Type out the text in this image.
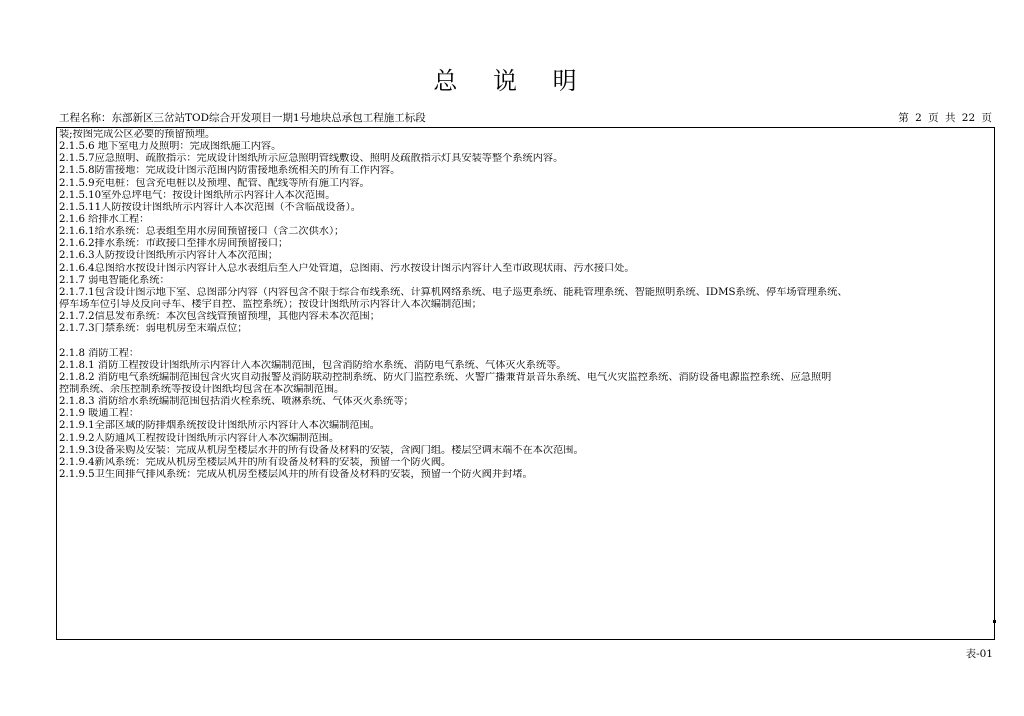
总 说 明
工程名称：东部新区三岔站TOD综合开发项目一期1号地块总承包工程施工标段	第 2 页 共 22 页
装;按图完成公区必要的预留预埋。
2.1.5.6 地下室电力及照明：完成图纸施工内容。
2.1.5.7应急照明、疏散指示：完成设计图纸所示应急照明管线敷设、照明及疏散指示灯具安装等整个系统内容。
2.1.5.8防雷接地：完成设计图示范围内防雷接地系统相关的所有工作内容。
2.1.5.9充电桩：包含充电桩以及预埋、配管、配线等所有施工内容。
2.1.5.10室外总坪电气：按设计图纸所示内容计入本次范围。
2.1.5.11人防按设计图纸所示内容计入本次范围（不含临战设备）。
2.1.6 给排水工程：
2.1.6.1给水系统：总表组至用水房间预留接口（含二次供水）；
2.1.6.2排水系统：市政接口至排水房间预留接口；
2.1.6.3人防按设计图纸所示内容计入本次范围；
2.1.6.4总图给水按设计图示内容计入总水表组后至入户处管道，总图雨、污水按设计图示内容计入至市政现状雨、污水接口处。
2.1.7 弱电智能化系统：
2.1.7.1包含设计图示地下室、总图部分内容（内容包含不限于综合布线系统、计算机网络系统、电子巡更系统、能耗管理系统、智能照明系统、IDMS系统、停车场管理系统、
停车场车位引导及反向寻车、楼宇自控、监控系统）；按设计图纸所示内容计入本次编制范围；
2.1.7.2信息发布系统：本次包含线管预留预埋，其他内容未本次范围；
2.1.7.3门禁系统：弱电机房至末端点位；
2.1.8 消防工程：
2.1.8.1 消防工程按设计图纸所示内容计入本次编制范围，包含消防给水系统、消防电气系统、气体灭火系统等。
2.1.8.2 消防电气系统编制范围包含火灾自动报警及消防联动控制系统、防火门监控系统、火警广播兼背景音乐系统、电气火灾监控系统、消防设备电源监控系统、应急照明
控制系统、余压控制系统等按设计图纸均包含在本次编制范围。
2.1.8.3 消防给水系统编制范围包括消火栓系统、喷淋系统、气体灭火系统等；
2.1.9 暖通工程：
2.1.9.1全部区域的防排烟系统按设计图纸所示内容计入本次编制范围。
2.1.9.2人防通风工程按设计图纸所示内容计入本次编制范围。
2.1.9.3设备采购及安装：完成从机房至楼层水井的所有设备及材料的安装，含阀门组。楼层空调末端不在本次范围。
2.1.9.4新风系统：完成从机房至楼层风井的所有设备及材料的安装，预留一个防火阀。
2.1.9.5卫生间排气排风系统：完成从机房至楼层风井的所有设备及材料的安装，预留一个防火阀并封堵。
表-01
